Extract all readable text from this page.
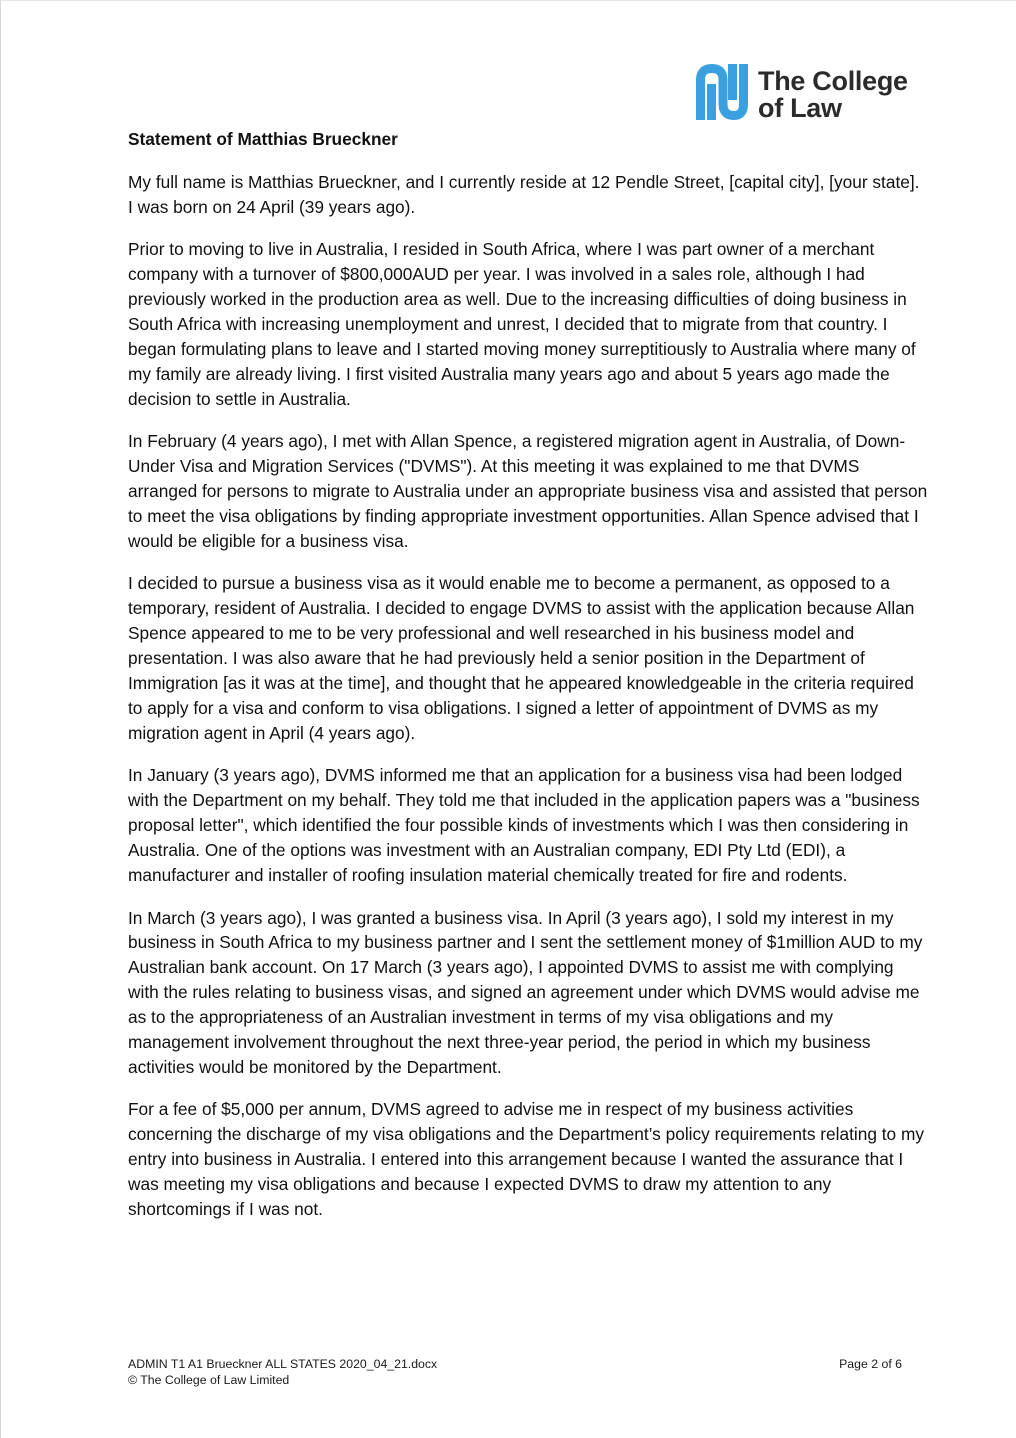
The College
of Law
Statement of Matthias Brueckner

My full name is Matthias Brueckner, and I currently reside at 12 Pendle Street, [capital city], [your state]. I was born on 24 April (39 years ago).

Prior to moving to live in Australia, I resided in South Africa, where I was part owner of a merchant company with a turnover of $800,000AUD per year. I was involved in a sales role, although I had previously worked in the production area as well. Due to the increasing difficulties of doing business in South Africa with increasing unemployment and unrest, I decided that to migrate from that country. I began formulating plans to leave and I started moving money surreptitiously to Australia where many of my family are already living. I first visited Australia many years ago and about 5 years ago made the decision to settle in Australia.

In February (4 years ago), I met with Allan Spence, a registered migration agent in Australia, of Down-Under Visa and Migration Services ("DVMS"). At this meeting it was explained to me that DVMS arranged for persons to migrate to Australia under an appropriate business visa and assisted that person to meet the visa obligations by finding appropriate investment opportunities. Allan Spence advised that I would be eligible for a business visa.

I decided to pursue a business visa as it would enable me to become a permanent, as opposed to a temporary, resident of Australia. I decided to engage DVMS to assist with the application because Allan Spence appeared to me to be very professional and well researched in his business model and presentation. I was also aware that he had previously held a senior position in the Department of Immigration [as it was at the time], and thought that he appeared knowledgeable in the criteria required to apply for a visa and conform to visa obligations. I signed a letter of appointment of DVMS as my migration agent in April (4 years ago).

In January (3 years ago), DVMS informed me that an application for a business visa had been lodged with the Department on my behalf. They told me that included in the application papers was a "business proposal letter", which identified the four possible kinds of investments which I was then considering in Australia. One of the options was investment with an Australian company, EDI Pty Ltd (EDI), a manufacturer and installer of roofing insulation material chemically treated for fire and rodents.

In March (3 years ago), I was granted a business visa. In April (3 years ago), I sold my interest in my business in South Africa to my business partner and I sent the settlement money of $1million AUD to my Australian bank account. On 17 March (3 years ago), I appointed DVMS to assist me with complying with the rules relating to business visas, and signed an agreement under which DVMS would advise me as to the appropriateness of an Australian investment in terms of my visa obligations and my management involvement throughout the next three-year period, the period in which my business activities would be monitored by the Department.

For a fee of $5,000 per annum, DVMS agreed to advise me in respect of my business activities concerning the discharge of my visa obligations and the Department’s policy requirements relating to my entry into business in Australia. I entered into this arrangement because I wanted the assurance that I was meeting my visa obligations and because I expected DVMS to draw my attention to any shortcomings if I was not.

ADMIN T1 A1 Brueckner ALL STATES 2020_04_21.docx
© The College of Law Limited
Page 2 of 6
